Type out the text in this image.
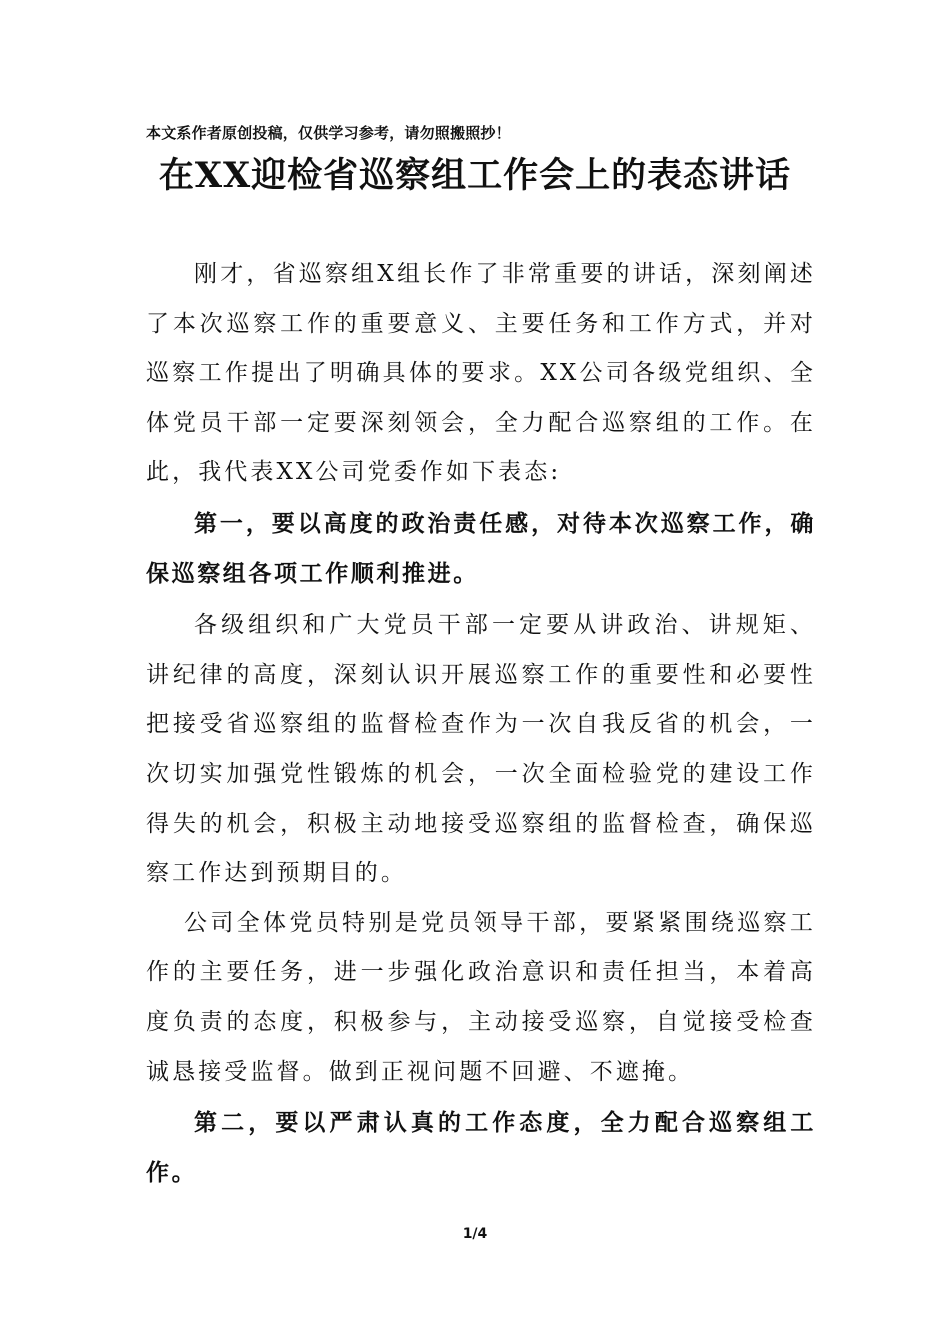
本文系作者原创投稿，仅供学习参考，请勿照搬照抄！
在XX迎检省巡察组工作会上的表态讲话

刚才，省巡察组X组长作了非常重要的讲话，深刻阐述了本次巡察工作的重要意义、主要任务和工作方式，并对巡察工作提出了明确具体的要求。XX公司各级党组织、全体党员干部一定要深刻领会，全力配合巡察组的工作。在此，我代表XX公司党委作如下表态:

第一，要以高度的政治责任感，对待本次巡察工作，确保巡察组各项工作顺利推进。

各级组织和广大党员干部一定要从讲政治、讲规矩、讲纪律的高度，深刻认识开展巡察工作的重要性和必要性把接受省巡察组的监督检查作为一次自我反省的机会，一次切实加强党性锻炼的机会，一次全面检验党的建设工作得失的机会，积极主动地接受巡察组的监督检查，确保巡察工作达到预期目的。

公司全体党员特别是党员领导干部，要紧紧围绕巡察工作的主要任务，进一步强化政治意识和责任担当，本着高度负责的态度，积极参与，主动接受巡察，自觉接受检查诚恳接受监督。做到正视问题不回避、不遮掩。

第二，要以严肃认真的工作态度，全力配合巡察组工作。

1/4
